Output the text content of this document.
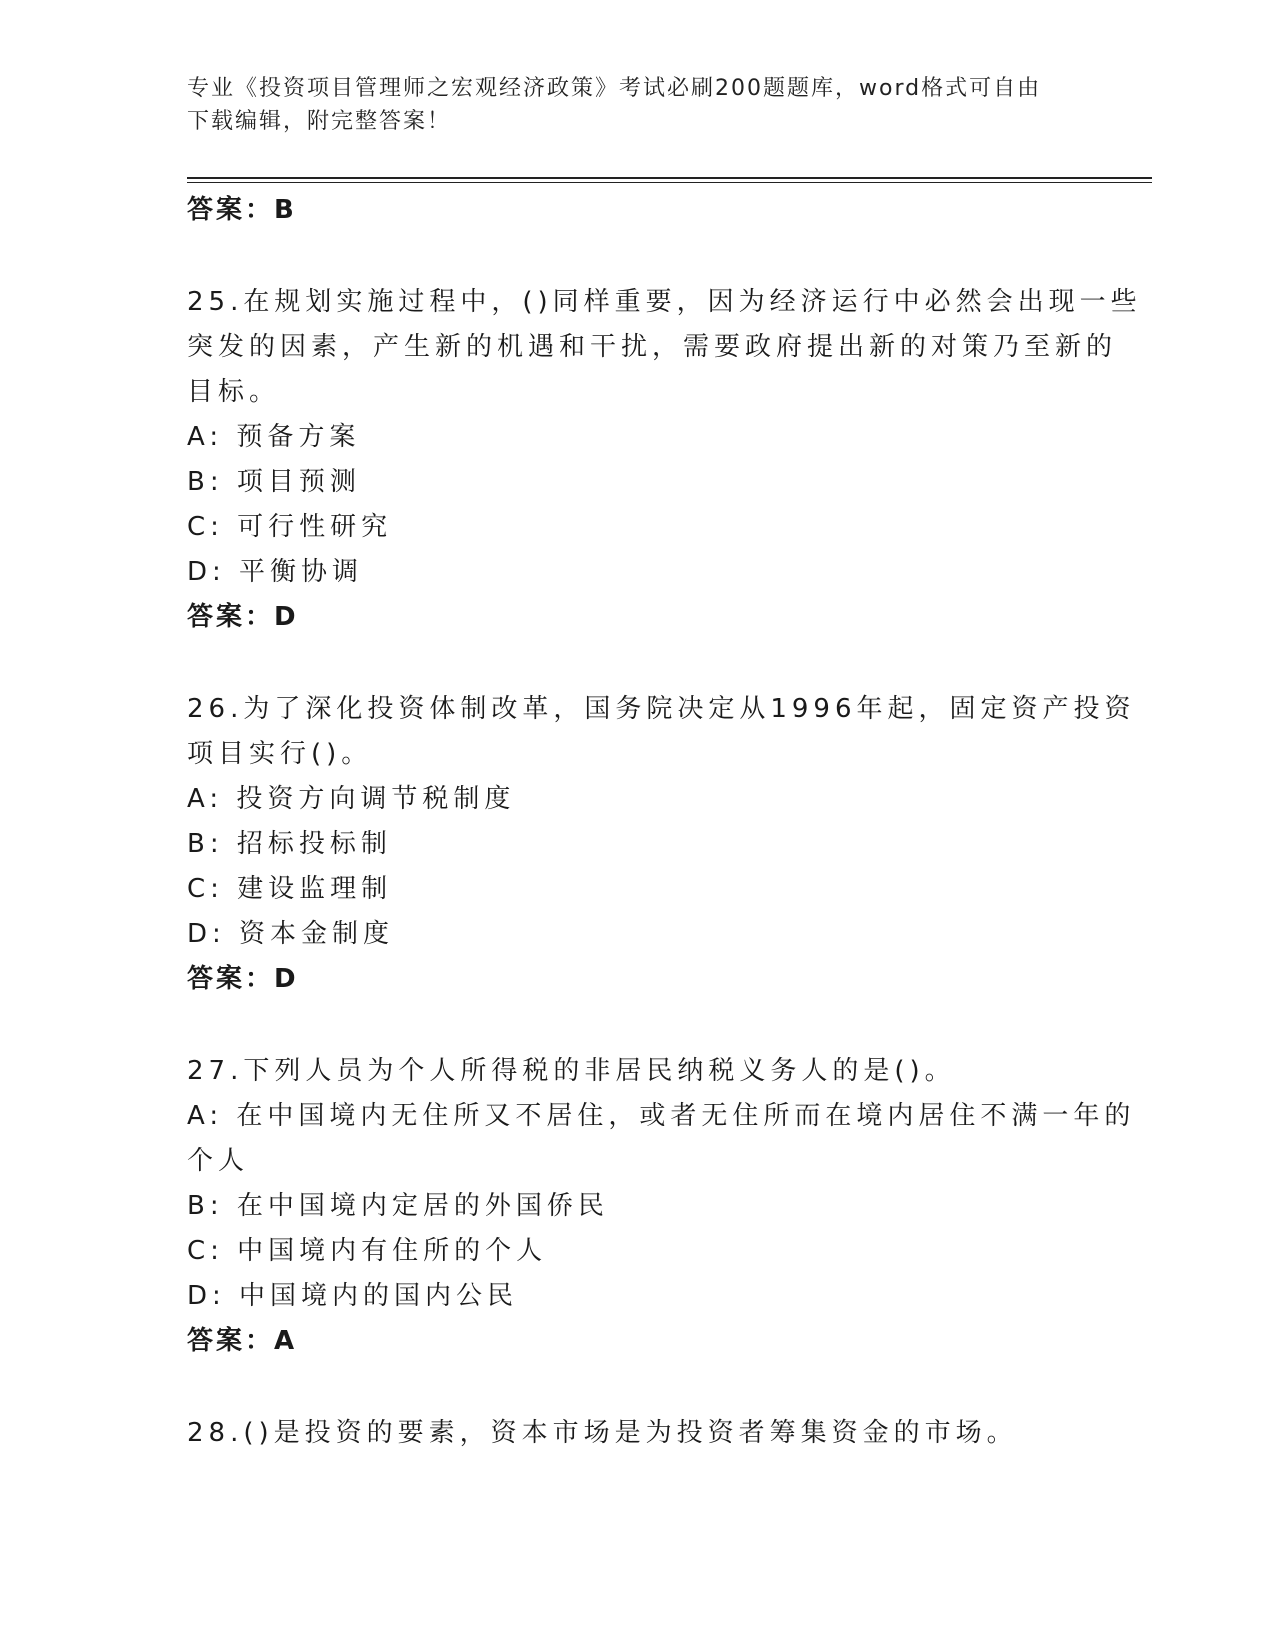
专业《投资项目管理师之宏观经济政策》考试必刷200题题库，word格式可自由
下载编辑，附完整答案！
答案：B
25.在规划实施过程中，()同样重要，因为经济运行中必然会出现一些
突发的因素，产生新的机遇和干扰，需要政府提出新的对策乃至新的
目标。
A: 预备方案
B: 项目预测
C: 可行性研究
D: 平衡协调
答案：D
26.为了深化投资体制改革，国务院决定从1996年起，固定资产投资
项目实行()。
A: 投资方向调节税制度
B: 招标投标制
C: 建设监理制
D: 资本金制度
答案：D
27.下列人员为个人所得税的非居民纳税义务人的是()。
A: 在中国境内无住所又不居住，或者无住所而在境内居住不满一年的
个人
B: 在中国境内定居的外国侨民
C: 中国境内有住所的个人
D: 中国境内的国内公民
答案：A
28.()是投资的要素，资本市场是为投资者筹集资金的市场。
